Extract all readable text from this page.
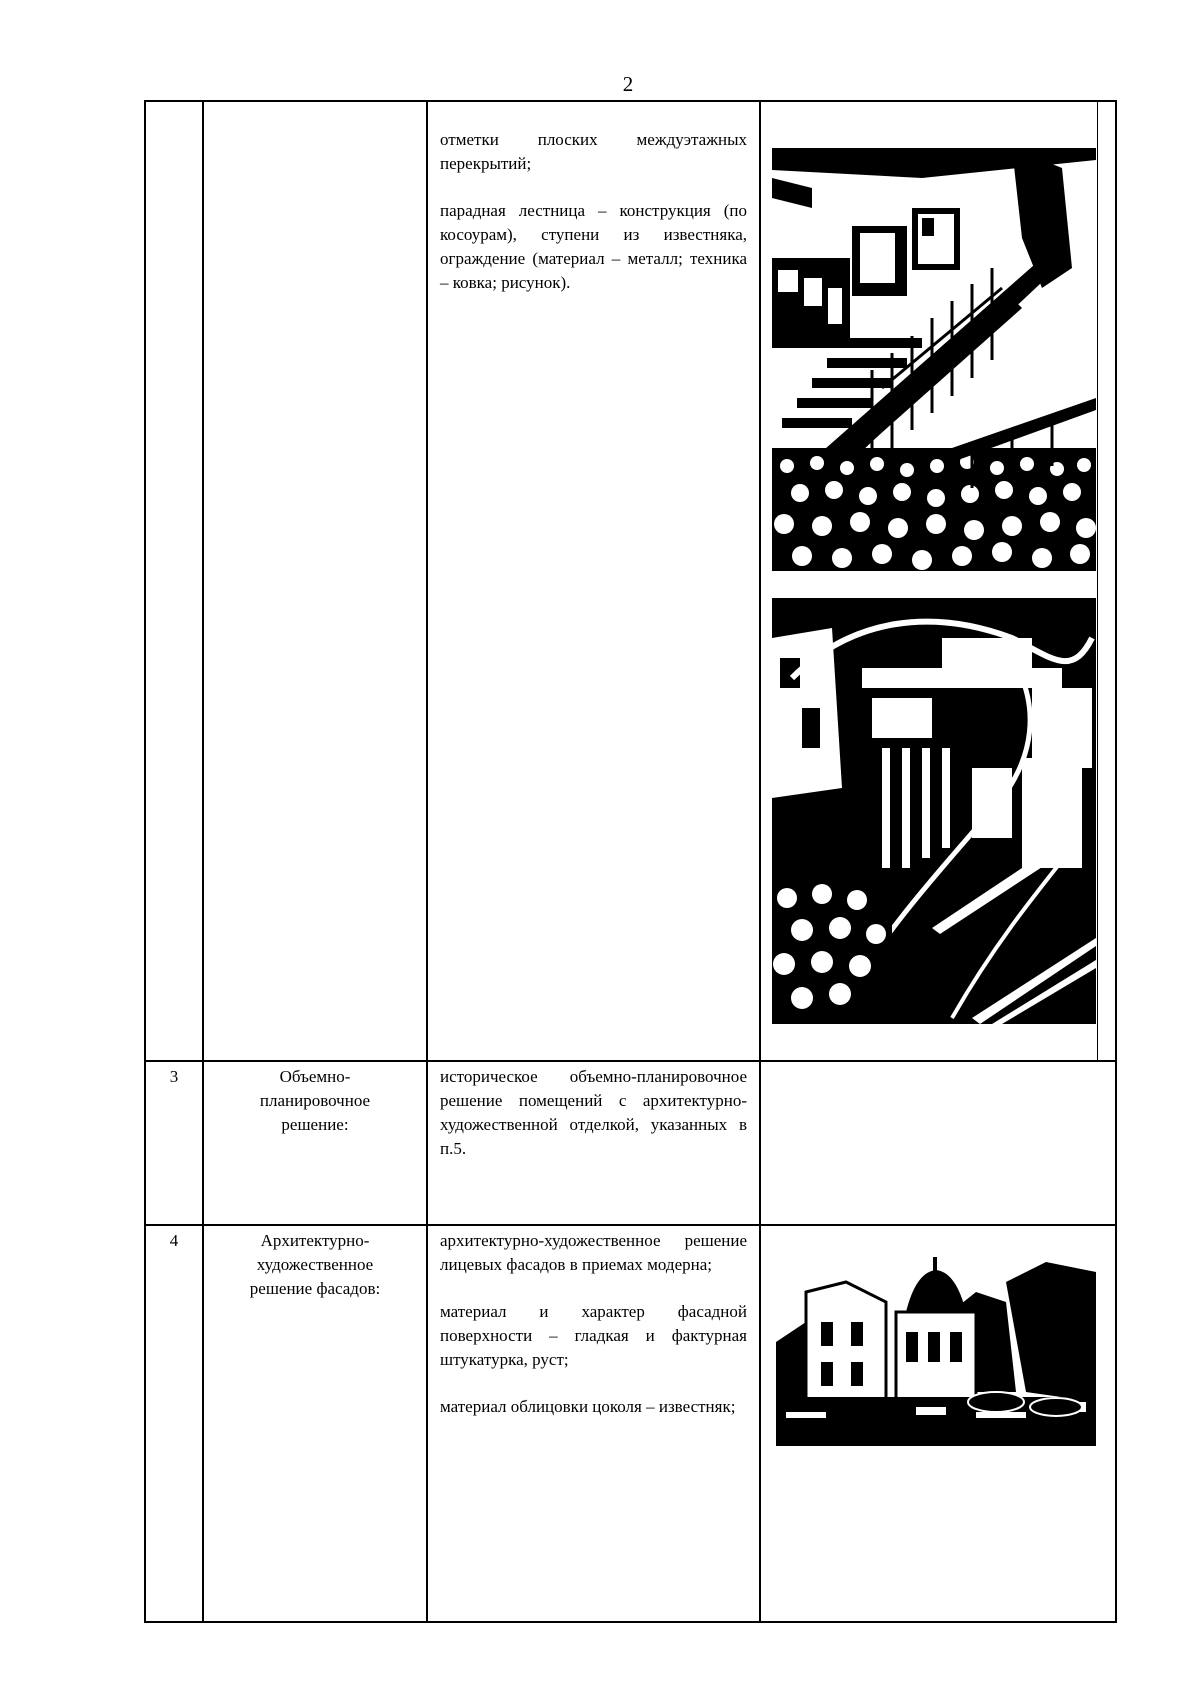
2

отметки плоских междуэтажных перекрытий;

парадная лестница – конструкция (по косоурам), ступени из известняка, ограждение (материал – металл; техника – ковка; рисунок).

3	Объемно-планировочное решение:

историческое объемно-планировочное решение помещений с архитектурно-художественной отделкой, указанных в п.5.

4	Архитектурно-художественное решение фасадов:

архитектурно-художественное решение лицевых фасадов в приемах модерна;

материал и характер фасадной поверхности – гладкая и фактурная штукатурка, руст;

материал облицовки цоколя – известняк;
